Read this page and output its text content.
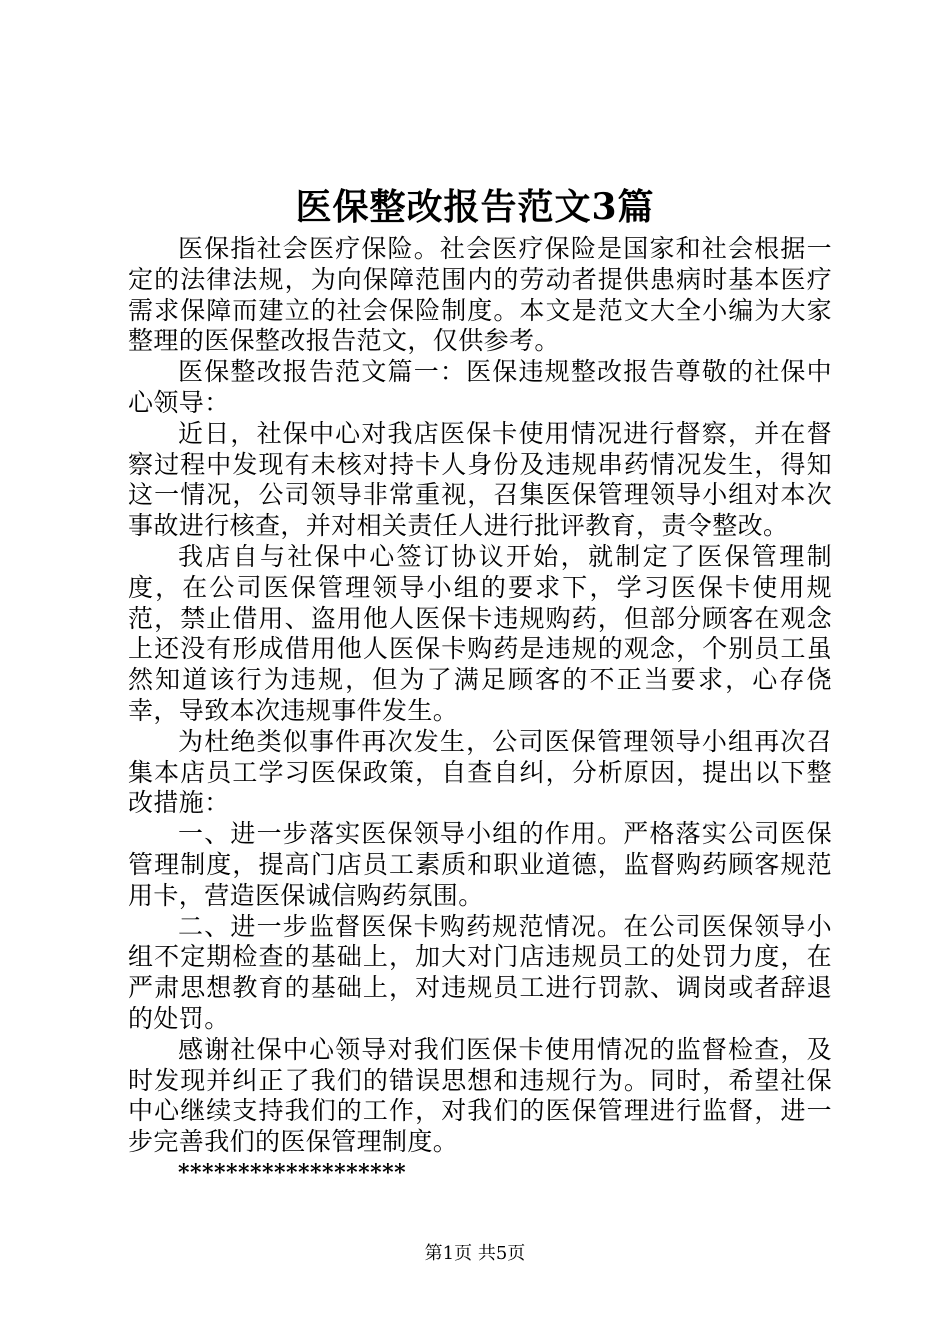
医保整改报告范文3篇

医保指社会医疗保险。社会医疗保险是国家和社会根据一定的法律法规，为向保障范围内的劳动者提供患病时基本医疗需求保障而建立的社会保险制度。本文是范文大全小编为大家整理的医保整改报告范文，仅供参考。

医保整改报告范文篇一：医保违规整改报告尊敬的社保中心领导：

近日，社保中心对我店医保卡使用情况进行督察，并在督察过程中发现有未核对持卡人身份及违规串药情况发生，得知这一情况，公司领导非常重视，召集医保管理领导小组对本次事故进行核查，并对相关责任人进行批评教育，责令整改。

我店自与社保中心签订协议开始，就制定了医保管理制度，在公司医保管理领导小组的要求下，学习医保卡使用规范，禁止借用、盗用他人医保卡违规购药，但部分顾客在观念上还没有形成借用他人医保卡购药是违规的观念，个别员工虽然知道该行为违规，但为了满足顾客的不正当要求，心存侥幸，导致本次违规事件发生。

为杜绝类似事件再次发生，公司医保管理领导小组再次召集本店员工学习医保政策，自查自纠，分析原因，提出以下整改措施：

一、进一步落实医保领导小组的作用。严格落实公司医保管理制度，提高门店员工素质和职业道德，监督购药顾客规范用卡，营造医保诚信购药氛围。

二、进一步监督医保卡购药规范情况。在公司医保领导小组不定期检查的基础上，加大对门店违规员工的处罚力度，在严肃思想教育的基础上，对违规员工进行罚款、调岗或者辞退的处罚。

感谢社保中心领导对我们医保卡使用情况的监督检查，及时发现并纠正了我们的错误思想和违规行为。同时，希望社保中心继续支持我们的工作，对我们的医保管理进行监督，进一步完善我们的医保管理制度。

*******************

第1页 共5页
